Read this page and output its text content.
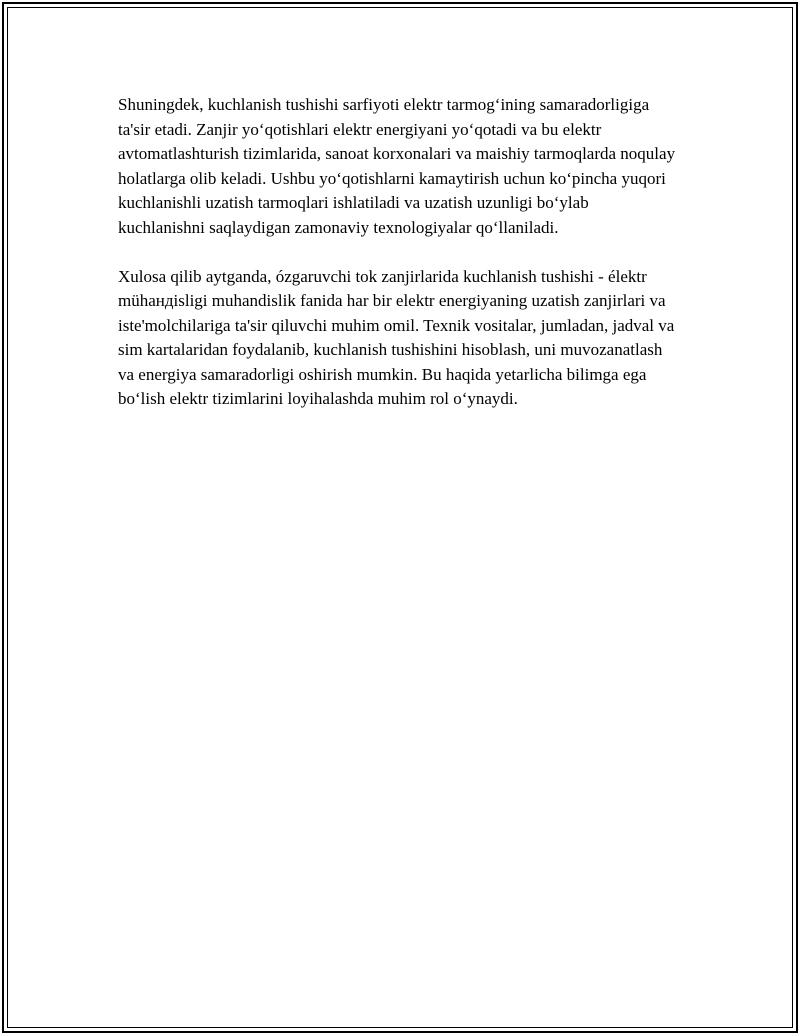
Shuningdek, kuchlanish tushishi sarfiyoti elektr tarmog‘ining samaradorligiga ta'sir etadi. Zanjir yo‘qotishlari elektr energiyani yo‘qotadi va bu elektr avtomatlashturish tizimlarida, sanoat korxonalari va maishiy tarmoqlarda noqulay holatlarga olib keladi. Ushbu yo‘qotishlarni kamaytirish uchun ko‘pincha yuqori kuchlanishli uzatish tarmoqlari ishlatiladi va uzatish uzunligi bo‘ylab kuchlanishni saqlaydigan zamonaviy texnologiyalar qo‘llaniladi.

Xulosa qilib aytganda, ózgaruvchi tok zanjirlarida kuchlanish tushishi - élektr müһaндisligi muhandislik fanida har bir elektr energiyaning uzatish zanjirlari va iste'molchilariga ta'sir qiluvchi muhim omil. Texnik vositalar, jumladan, jadval va sim kartalaridan foydalanib, kuchlanish tushishini hisoblash, uni muvozanatlash va energiya samaradorligi oshirish mumkin. Bu haqida yetarlicha bilimga ega bo‘lish elektr tizimlarini loyihalashda muhim rol o‘ynaydi.
